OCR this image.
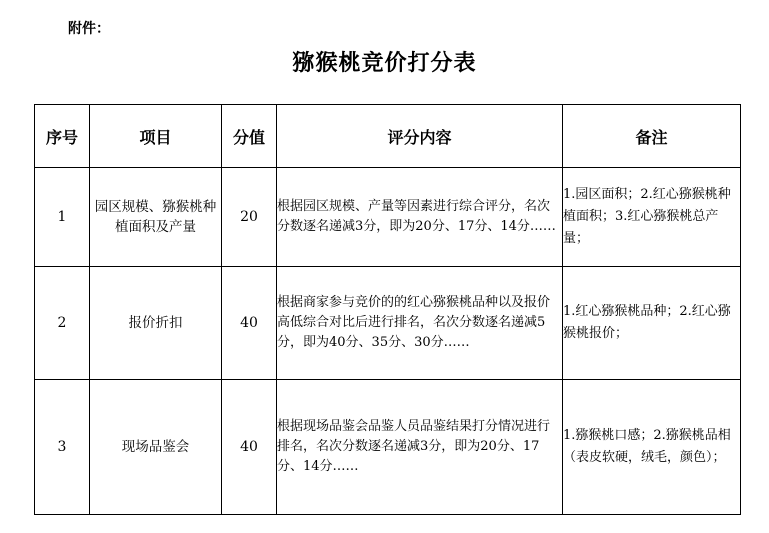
附件：
猕猴桃竞价打分表
序号	项目	分值	评分内容	备注
1	园区规模、猕猴桃种植面积及产量	20	根据园区规模、产量等因素进行综合评分，名次分数逐名递减3分，即为20分、17分、14分……	1.园区面积；2.红心猕猴桃种植面积；3.红心猕猴桃总产量；
2	报价折扣	40	根据商家参与竞价的的红心猕猴桃品种以及报价高低综合对比后进行排名，名次分数逐名递减5分，即为40分、35分、30分……	1.红心猕猴桃品种；2.红心猕猴桃报价；
3	现场品鉴会	40	根据现场品鉴会品鉴人员品鉴结果打分情况进行排名，名次分数逐名递减3分，即为20分、17分、14分……	1.猕猴桃口感；2.猕猴桃品相（表皮软硬，绒毛，颜色）；
